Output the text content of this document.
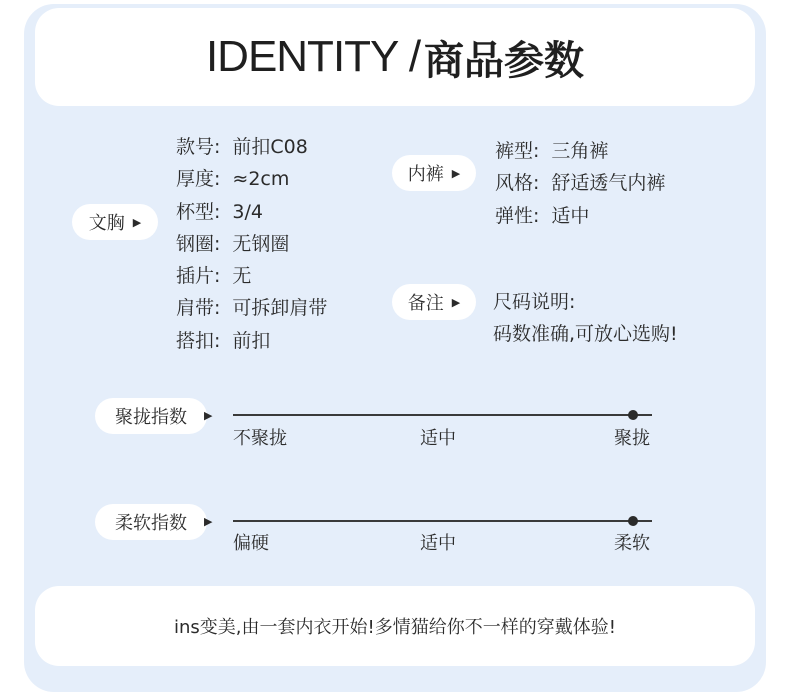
IDENTITY / 商品参数
文胸 ▶
款号: 前扣C08
厚度: ≈2cm
杯型: 3/4
钢圈: 无钢圈
插片: 无
肩带: 可拆卸肩带
搭扣: 前扣
内裤 ▶
裤型: 三角裤
风格: 舒适透气内裤
弹性: 适中
备注 ▶ 尺码说明:
码数准确,可放心选购!
聚拢指数 ▶
不聚拢	适中	聚拢
柔软指数 ▶
偏硬	适中	柔软
ins变美,由一套内衣开始!多情猫给你不一样的穿戴体验!
